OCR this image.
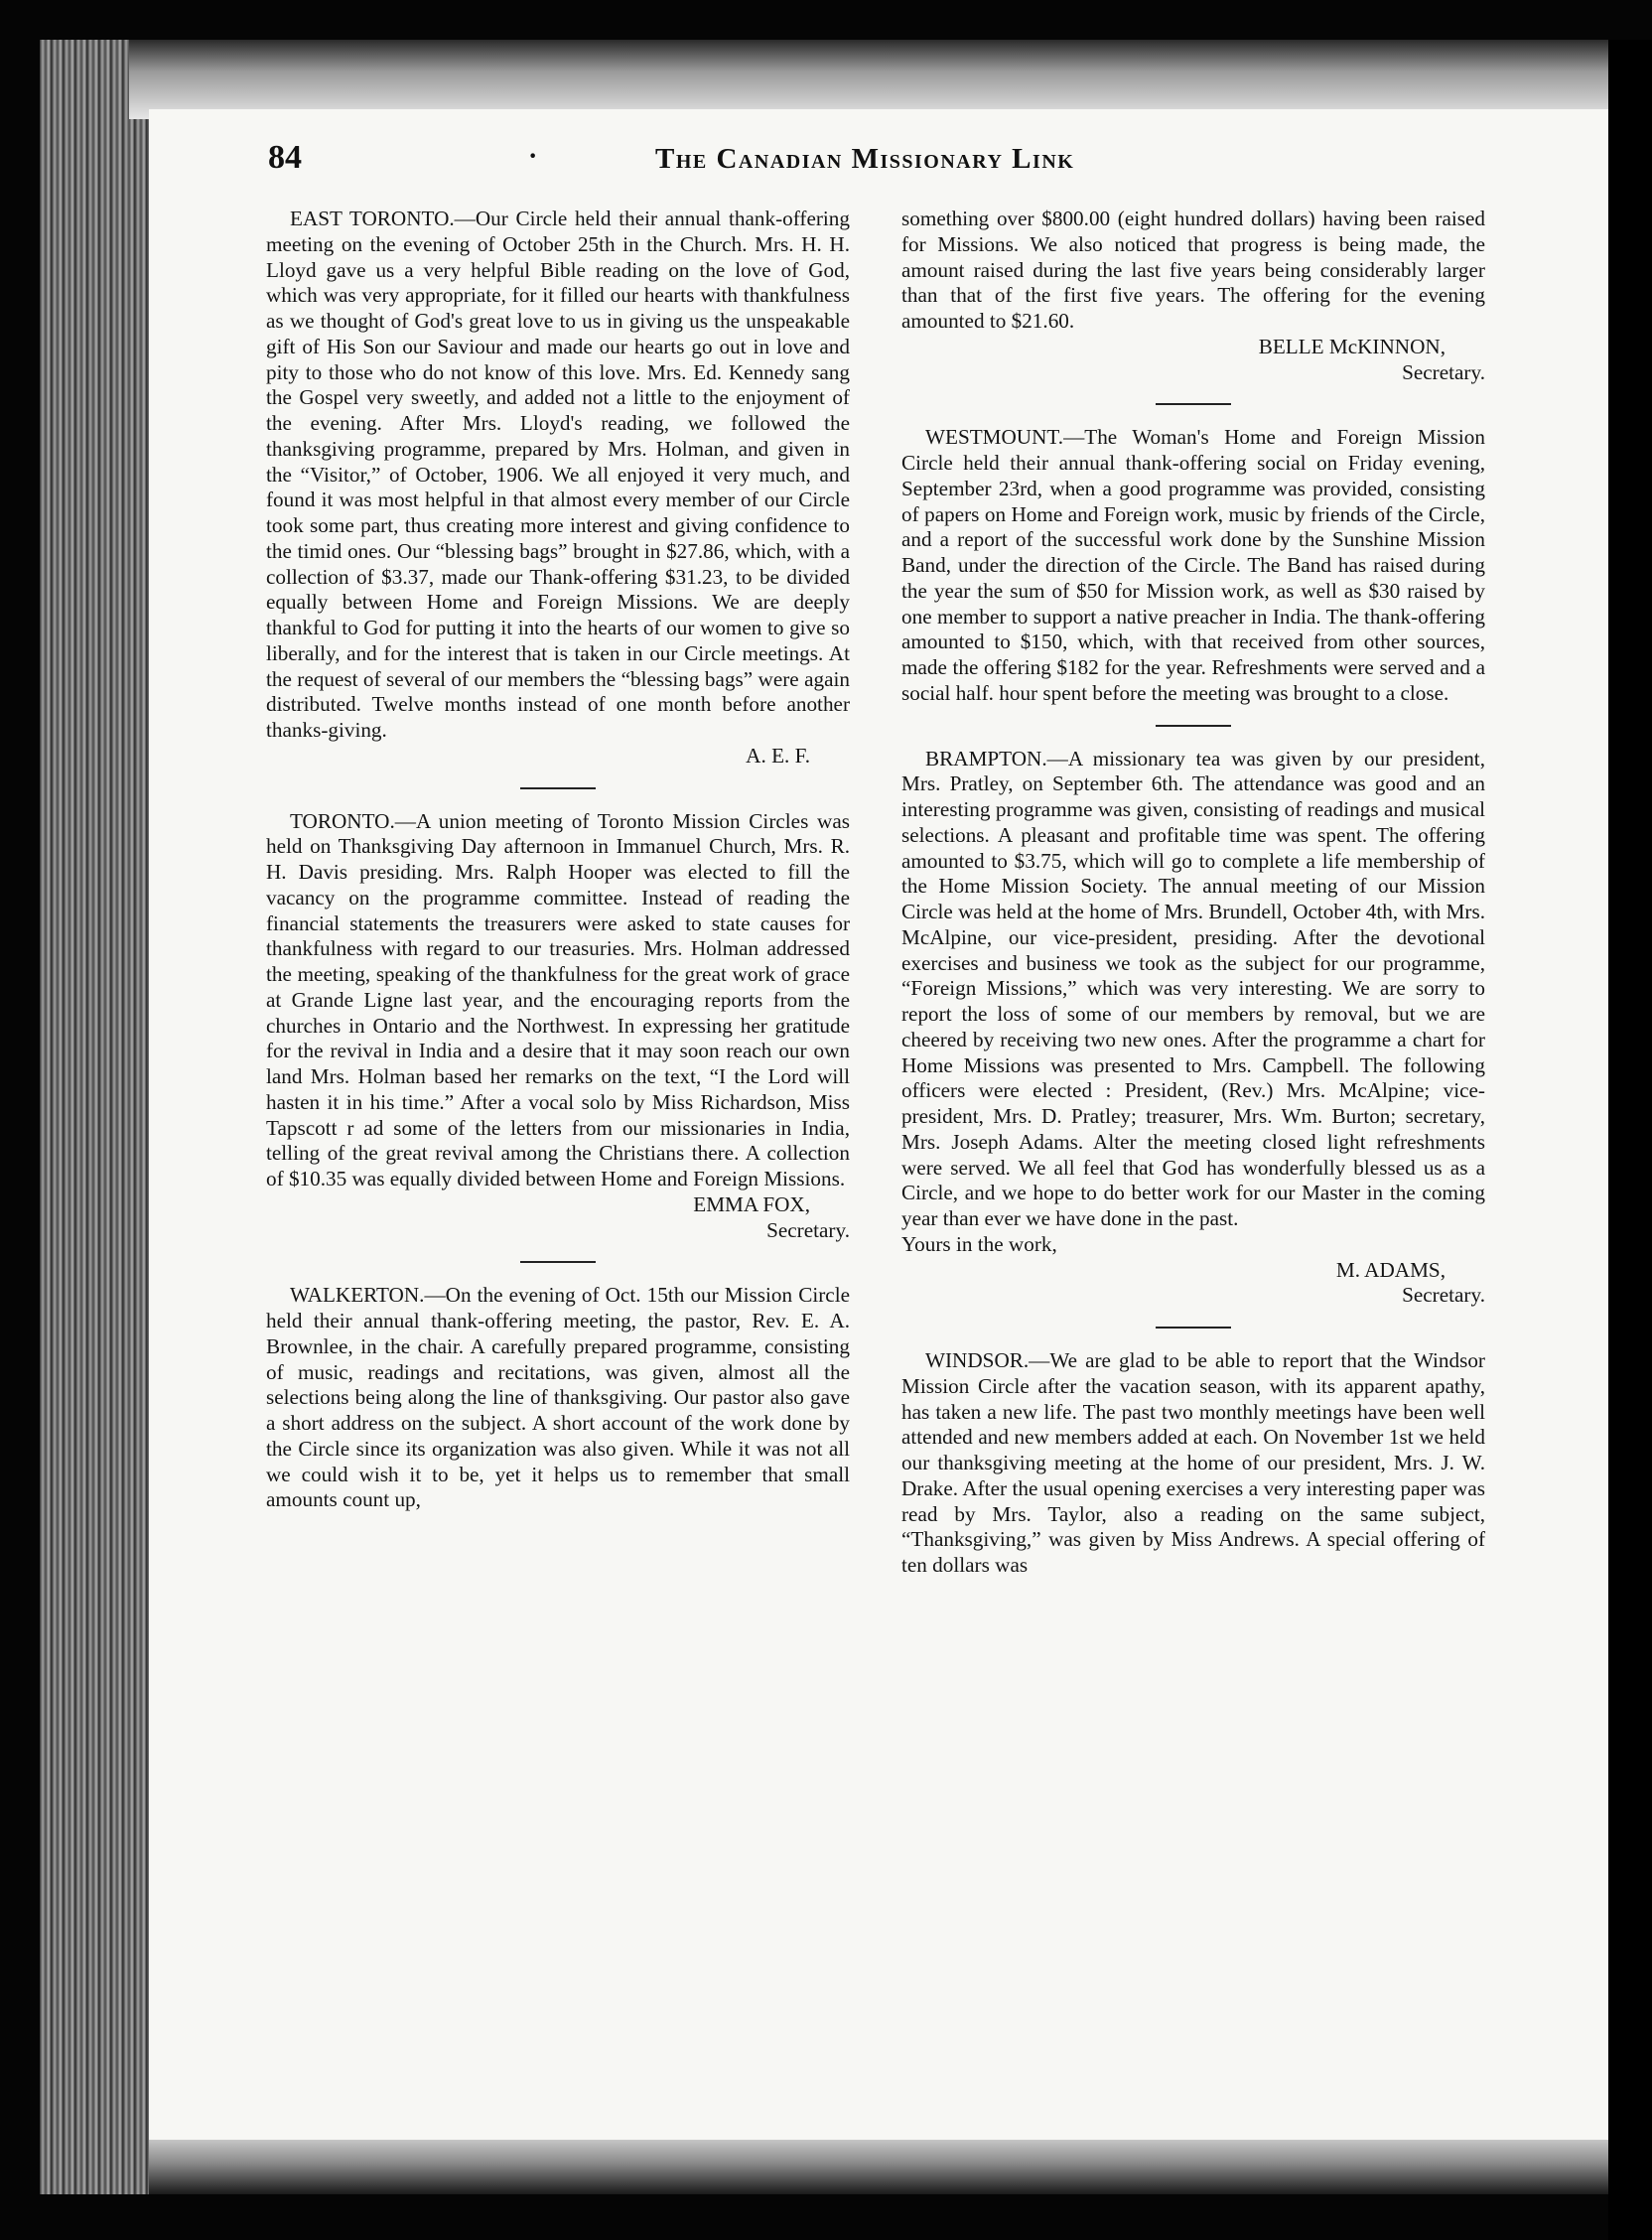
84	·	The Canadian Missionary Link

EAST TORONTO.—Our Circle held their annual thank-offering meeting on the evening of October 25th in the Church. Mrs. H. H. Lloyd gave us a very helpful Bible reading on the love of God, which was very appropriate, for it filled our hearts with thankfulness as we thought of God's great love to us in giving us the unspeakable gift of His Son our Saviour and made our hearts go out in love and pity to those who do not know of this love. Mrs. Ed. Kennedy sang the Gospel very sweetly, and added not a little to the enjoyment of the evening. After Mrs. Lloyd's reading, we followed the thanksgiving programme, prepared by Mrs. Holman, and given in the “Visitor,” of October, 1906. We all enjoyed it very much, and found it was most helpful in that almost every member of our Circle took some part, thus creating more interest and giving confidence to the timid ones. Our “blessing bags” brought in $27.86, which, with a collection of $3.37, made our Thank-offering $31.23, to be divided equally between Home and Foreign Missions. We are deeply thankful to God for putting it into the hearts of our women to give so liberally, and for the interest that is taken in our Circle meetings. At the request of several of our members the “blessing bags” were again distributed. Twelve months instead of one month before another thanks-giving.

A. E. F.

TORONTO.—A union meeting of Toronto Mission Circles was held on Thanksgiving Day afternoon in Immanuel Church, Mrs. R. H. Davis presiding. Mrs. Ralph Hooper was elected to fill the vacancy on the programme committee. Instead of reading the financial statements the treasurers were asked to state causes for thankfulness with regard to our treasuries. Mrs. Holman addressed the meeting, speaking of the thankfulness for the great work of grace at Grande Ligne last year, and the encouraging reports from the churches in Ontario and the Northwest. In expressing her gratitude for the revival in India and a desire that it may soon reach our own land Mrs. Holman based her remarks on the text, “I the Lord will hasten it in his time.” After a vocal solo by Miss Richardson, Miss Tapscott r ad some of the letters from our missionaries in India, telling of the great revival among the Christians there. A collection of $10.35 was equally divided between Home and Foreign Missions.

EMMA FOX,

Secretary.

WALKERTON.—On the evening of Oct. 15th our Mission Circle held their annual thank-offering meeting, the pastor, Rev. E. A. Brownlee, in the chair. A carefully prepared programme, consisting of music, readings and recitations, was given, almost all the selections being along the line of thanksgiving. Our pastor also gave a short address on the subject. A short account of the work done by the Circle since its organization was also given. While it was not all we could wish it to be, yet it helps us to remember that small amounts count up,

something over $800.00 (eight hundred dollars) having been raised for Missions. We also noticed that progress is being made, the amount raised during the last five years being considerably larger than that of the first five years. The offering for the evening amounted to $21.60.

BELLE McKINNON,

Secretary.

WESTMOUNT.—The Woman's Home and Foreign Mission Circle held their annual thank-offering social on Friday evening, September 23rd, when a good programme was provided, consisting of papers on Home and Foreign work, music by friends of the Circle, and a report of the successful work done by the Sunshine Mission Band, under the direction of the Circle. The Band has raised during the year the sum of $50 for Mission work, as well as $30 raised by one member to support a native preacher in India. The thank-offering amounted to $150, which, with that received from other sources, made the offering $182 for the year. Refreshments were served and a social half. hour spent before the meeting was brought to a close.

BRAMPTON.—A missionary tea was given by our president, Mrs. Pratley, on September 6th. The attendance was good and an interesting programme was given, consisting of readings and musical selections. A pleasant and profitable time was spent. The offering amounted to $3.75, which will go to complete a life membership of the Home Mission Society. The annual meeting of our Mission Circle was held at the home of Mrs. Brundell, October 4th, with Mrs. McAlpine, our vice-president, presiding. After the devotional exercises and business we took as the subject for our programme, “Foreign Missions,” which was very interesting. We are sorry to report the loss of some of our members by removal, but we are cheered by receiving two new ones. After the programme a chart for Home Missions was presented to Mrs. Campbell. The following officers were elected : President, (Rev.) Mrs. McAlpine; vice-president, Mrs. D. Pratley; treasurer, Mrs. Wm. Burton; secretary, Mrs. Joseph Adams. Alter the meeting closed light refreshments were served. We all feel that God has wonderfully blessed us as a Circle, and we hope to do better work for our Master in the coming year than ever we have done in the past.

Yours in the work,

M. ADAMS,

Secretary.

WINDSOR.—We are glad to be able to report that the Windsor Mission Circle after the vacation season, with its apparent apathy, has taken a new life. The past two monthly meetings have been well attended and new members added at each. On November 1st we held our thanksgiving meeting at the home of our president, Mrs. J. W. Drake. After the usual opening exercises a very interesting paper was read by Mrs. Taylor, also a reading on the same subject, “Thanksgiving,” was given by Miss Andrews. A special offering of ten dollars was
